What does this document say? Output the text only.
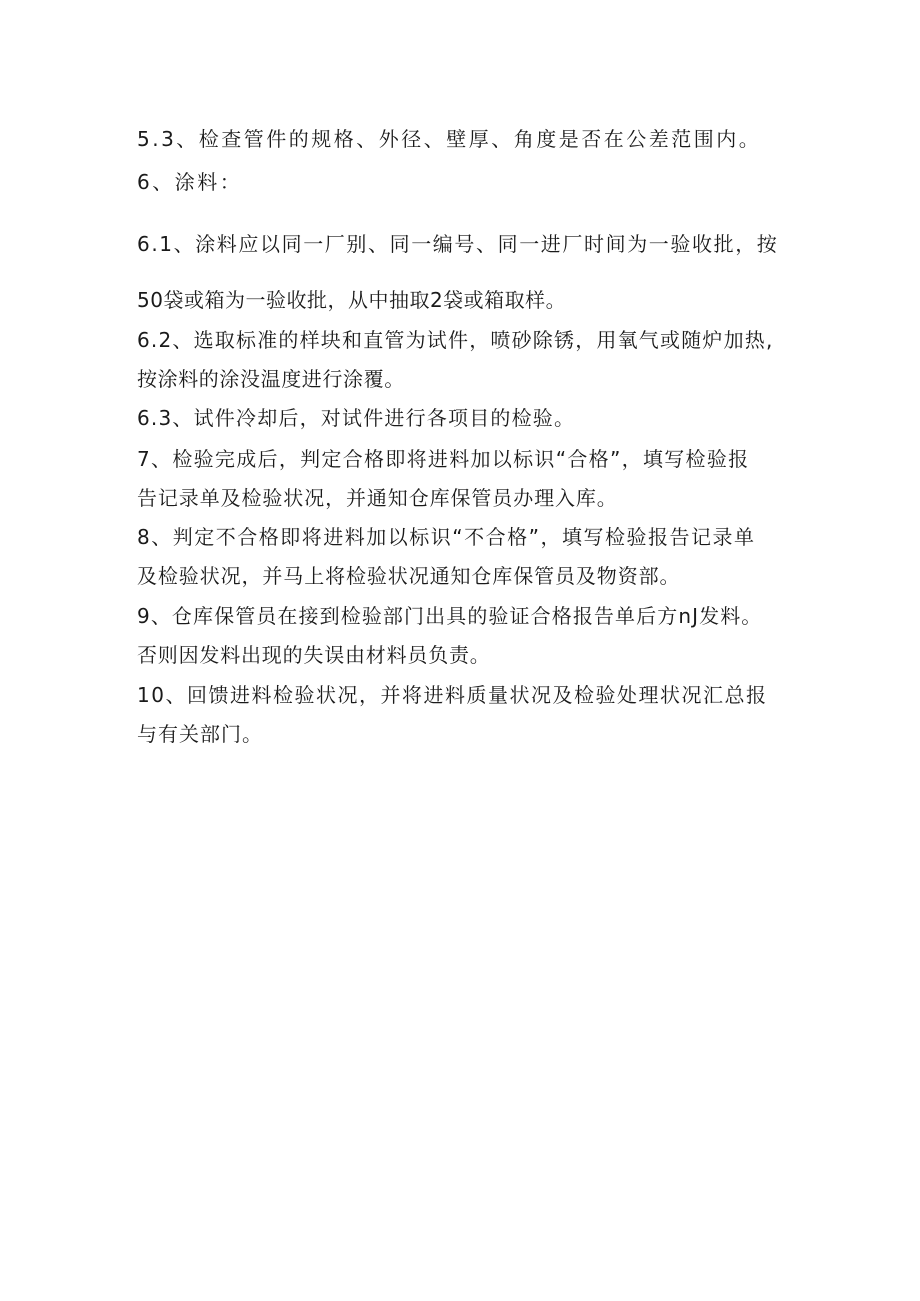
5.3、检查管件的规格、外径、壁厚、角度是否在公差范围内。

6、涂料：

6.1、涂料应以同一厂别、同一编号、同一进厂时间为一验收批，按

50袋或箱为一验收批，从中抽取2袋或箱取样。

6.2、选取标准的样块和直管为试件，喷砂除锈，用氧气或随炉加热,

按涂料的涂没温度进行涂覆。

6.3、试件冷却后，对试件进行各项目的检验。

7、检验完成后，判定合格即将进料加以标识“合格”，填写检验报

告记录单及检验状况，并通知仓库保管员办理入库。

8、判定不合格即将进料加以标识“不合格”，填写检验报告记录单

及检验状况，并马上将检验状况通知仓库保管员及物资部。

9、仓库保管员在接到检验部门出具的验证合格报告单后方nJ发料。

否则因发料出现的失误由材料员负责。

10、回馈进料检验状况，并将进料质量状况及检验处理状况汇总报

与有关部门。
